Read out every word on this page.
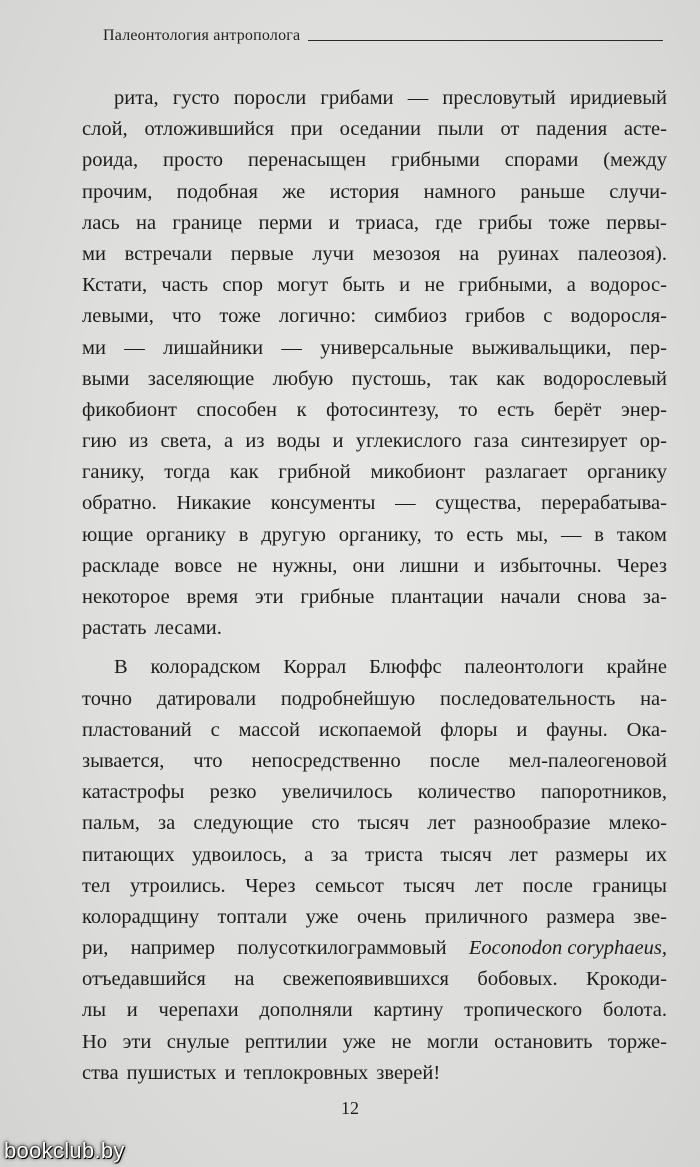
Палеонтология антрополога
рита, густо поросли грибами — пресловутый иридиевый
слой, отложившийся при оседании пыли от падения асте-
роида, просто перенасыщен грибными спорами (между
прочим, подобная же история намного раньше случи-
лась на границе перми и триаса, где грибы тоже первы-
ми встречали первые лучи мезозоя на руинах палеозоя).
Кстати, часть спор могут быть и не грибными, а водорос-
левыми, что тоже логично: симбиоз грибов с водоросля-
ми — лишайники — универсальные выживальщики, пер-
выми заселяющие любую пустошь, так как водорослевый
фикобионт способен к фотосинтезу, то есть берёт энер-
гию из света, а из воды и углекислого газа синтезирует ор-
ганику, тогда как грибной микобионт разлагает органику
обратно. Никакие консументы — существа, перерабатыва-
ющие органику в другую органику, то есть мы, — в таком
раскладе вовсе не нужны, они лишни и избыточны. Через
некоторое время эти грибные плантации начали снова за-
растать лесами.
В колорадском Коррал Блюффс палеонтологи крайне
точно датировали подробнейшую последовательность на-
пластований с массой ископаемой флоры и фауны. Ока-
зывается, что непосредственно после мел-палеогеновой
катастрофы резко увеличилось количество папоротников,
пальм, за следующие сто тысяч лет разнообразие млеко-
питающих удвоилось, а за триста тысяч лет размеры их
тел утроились. Через семьсот тысяч лет после границы
колорадщину топтали уже очень приличного размера звe-
ри, например полусоткилограммовый Eoconodon coryphaeus,
отъедавшийся на свежепоявившихся бобовых. Крокоди-
лы и черепахи дополняли картину тропического болота.
Но эти снулые рептилии уже не могли остановить торже-
ства пушистых и теплокровных зверей!
12
bookclub.by
